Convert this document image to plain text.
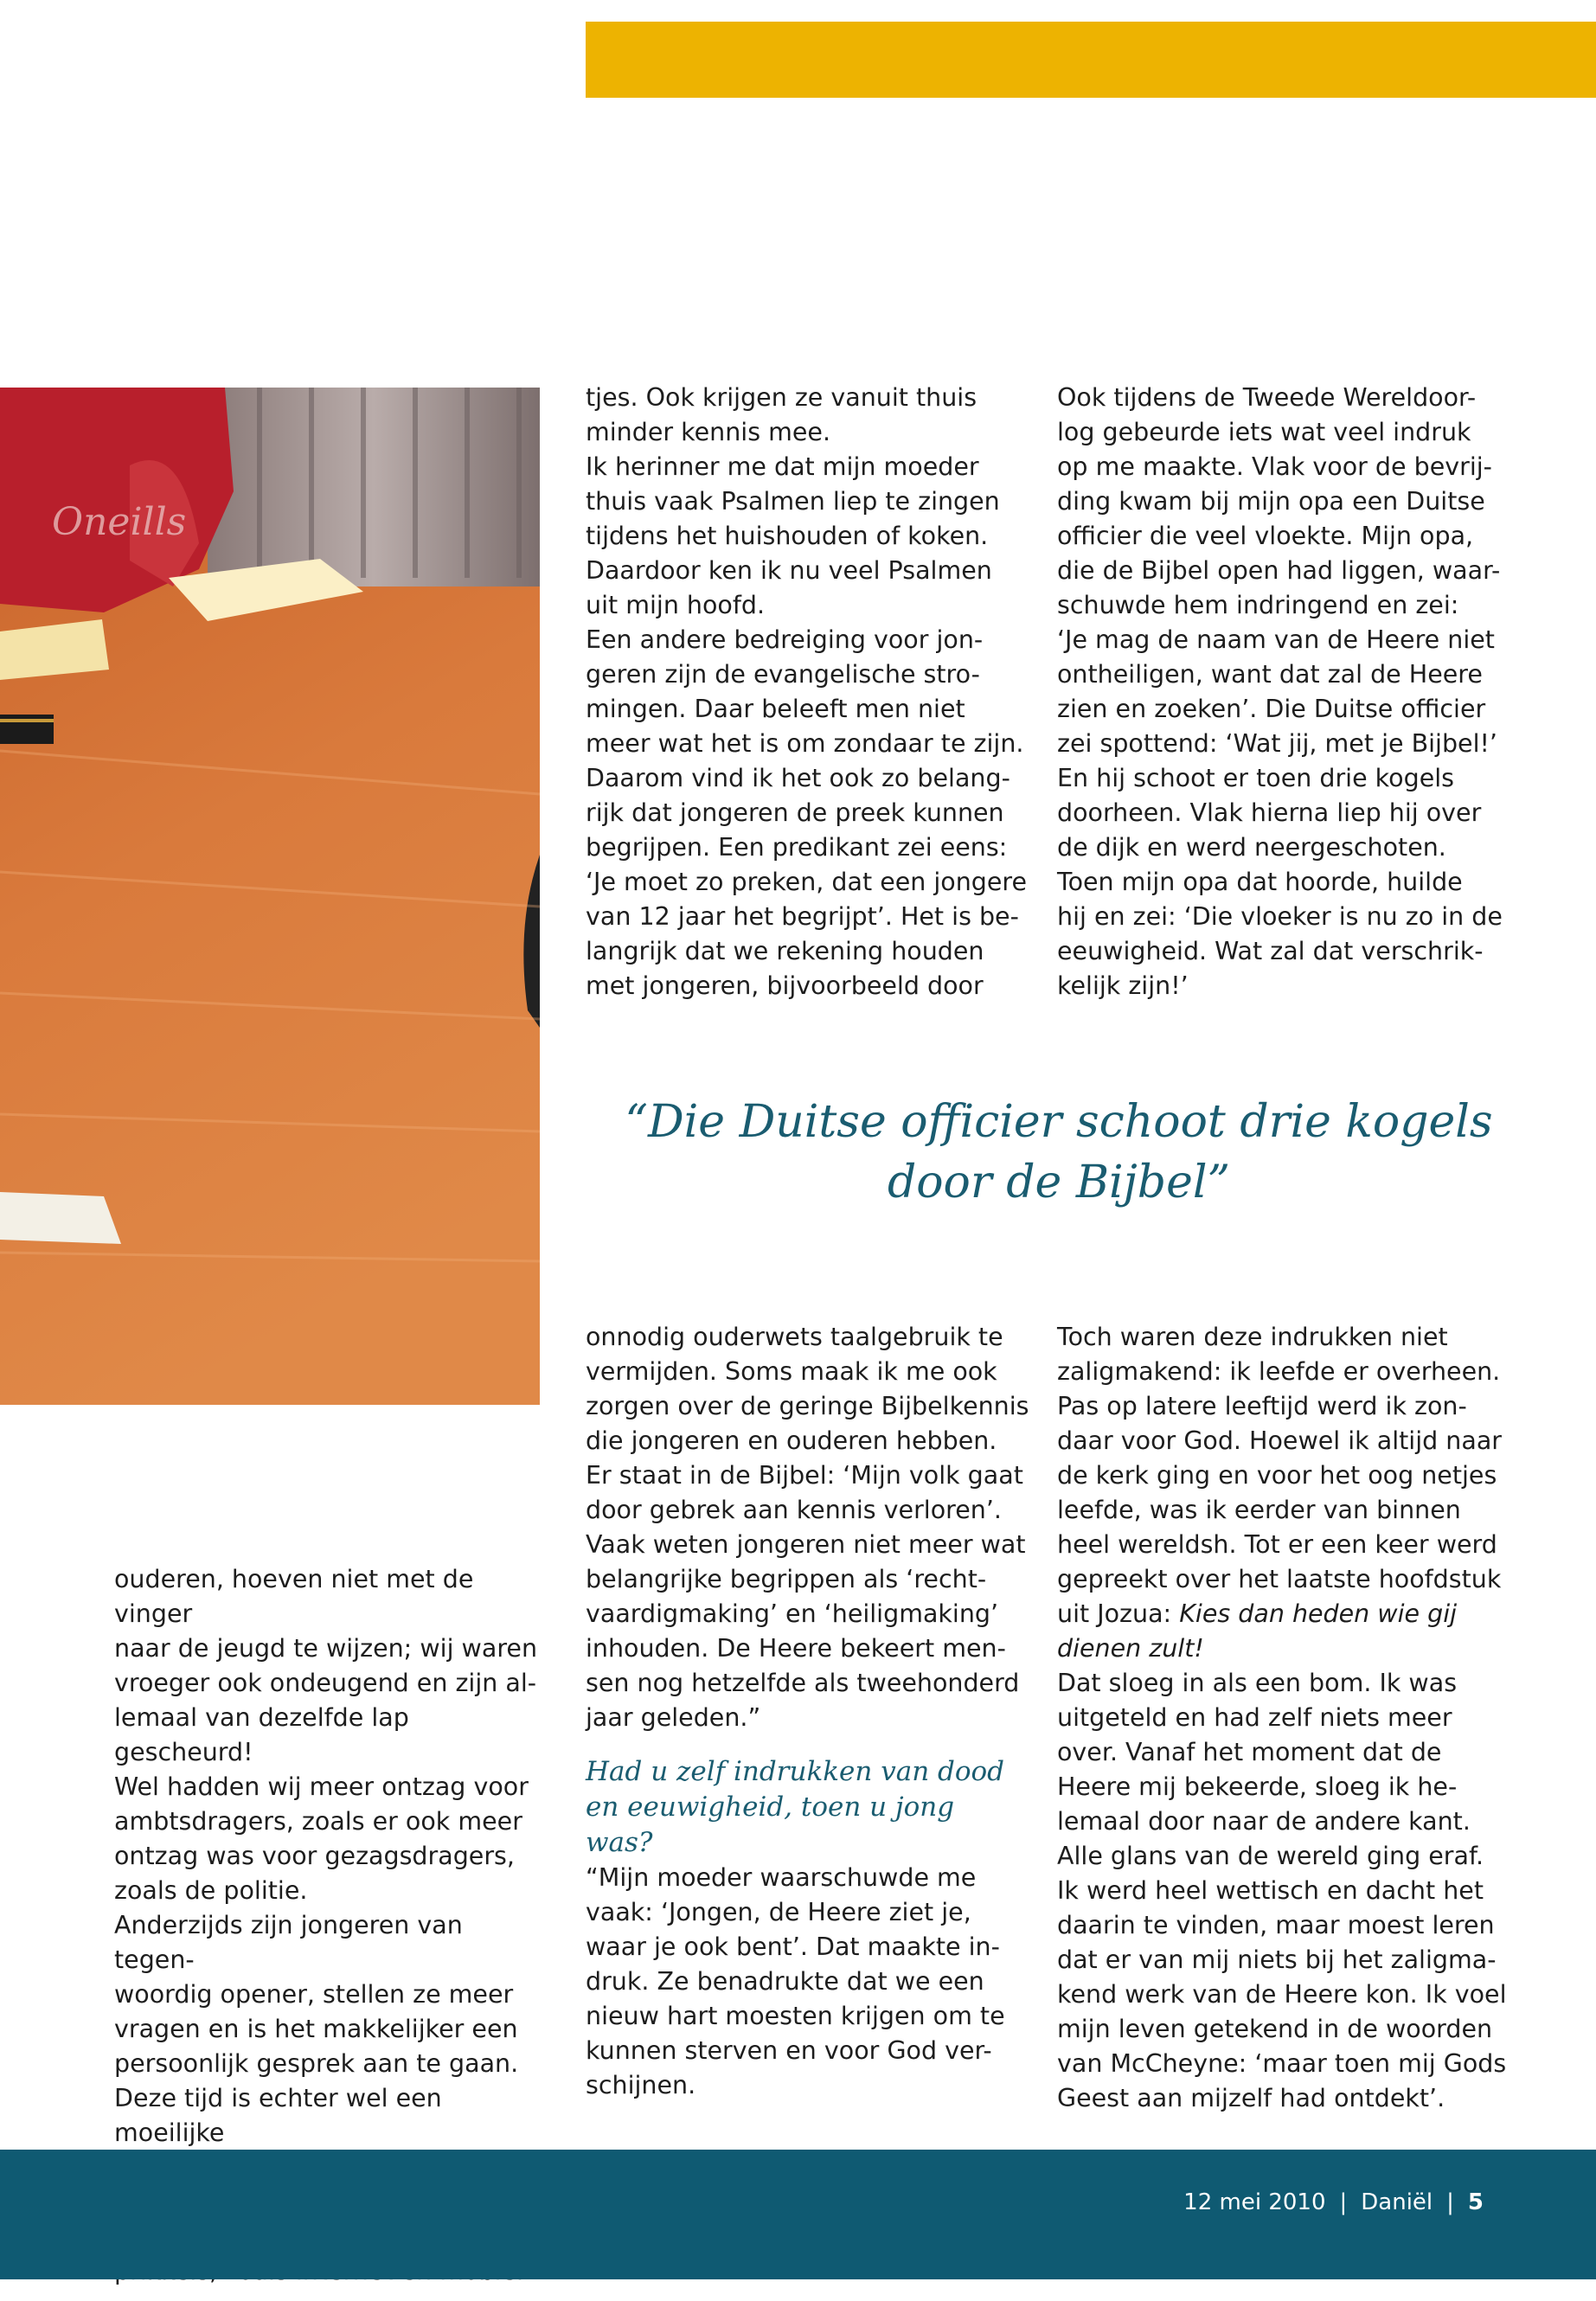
Oneills

tjes. Ook krijgen ze vanuit thuis

minder kennis mee.

Ik herinner me dat mijn moeder

thuis vaak Psalmen liep te zingen

tijdens het huishouden of koken.

Daardoor ken ik nu veel Psalmen

uit mijn hoofd.

Een andere bedreiging voor jon-

geren zijn de evangelische stro-

mingen. Daar beleeft men niet

meer wat het is om zondaar te zijn.

Daarom vind ik het ook zo belang-

rijk dat jongeren de preek kunnen

begrijpen. Een predikant zei eens:

‘Je moet zo preken, dat een jongere

van 12 jaar het begrijpt’. Het is be-

langrijk dat we rekening houden

met jongeren, bijvoorbeeld door

Ook tijdens de Tweede Wereldoor-

log gebeurde iets wat veel indruk

op me maakte. Vlak voor de bevrij-

ding kwam bij mijn opa een Duitse

officier die veel vloekte. Mijn opa,

die de Bijbel open had liggen, waar-

schuwde hem indringend en zei:

‘Je mag de naam van de Heere niet

ontheiligen, want dat zal de Heere

zien en zoeken’. Die Duitse officier

zei spottend: ‘Wat jij, met je Bijbel!’

En hij schoot er toen drie kogels

doorheen. Vlak hierna liep hij over

de dijk en werd neergeschoten.

Toen mijn opa dat hoorde, huilde

hij en zei: ‘Die vloeker is nu zo in de

eeuwigheid. Wat zal dat verschrik-

kelijk zijn!’

“Die Duitse officier schoot drie kogels
door de Bijbel”

ouderen, hoeven niet met de vinger

naar de jeugd te wijzen; wij waren

vroeger ook ondeugend en zijn al-

lemaal van dezelfde lap gescheurd!

Wel hadden wij meer ontzag voor

ambtsdragers, zoals er ook meer

ontzag was voor gezagsdragers,

zoals de politie.

Anderzijds zijn jongeren van tegen-

woordig opener, stellen ze meer

vragen en is het makkelijker een

persoonlijk gesprek aan te gaan.

Deze tijd is echter wel een moeilijke

onnodig ouderwets taalgebruik te

vermijden. Soms maak ik me ook

zorgen over de geringe Bijbelkennis

die jongeren en ouderen hebben.

Er staat in de Bijbel: ‘Mijn volk gaat

door gebrek aan kennis verloren’.

Vaak weten jongeren niet meer wat

belangrijke begrippen als ‘recht-

vaardigmaking’ en ‘heiligmaking’

inhouden. De Heere bekeert men-

sen nog hetzelfde als tweehonderd

jaar geleden.”

Had u zelf indrukken van dood
en eeuwigheid, toen u jong
was?

“Mijn moeder waarschuwde me

vaak: ‘Jongen, de Heere ziet je,

waar je ook bent’. Dat maakte in-

druk. Ze benadrukte dat we een

nieuw hart moesten krijgen om te

kunnen sterven en voor God ver-

schijnen.

Toch waren deze indrukken niet

zaligmakend: ik leefde er overheen.

Pas op latere leeftijd werd ik zon-

daar voor God. Hoewel ik altijd naar

de kerk ging en voor het oog netjes

leefde, was ik eerder van binnen

heel wereldsh. Tot er een keer werd

gepreekt over het laatste hoofdstuk

uit Jozua: Kies dan heden wie gij

dienen zult!

Dat sloeg in als een bom. Ik was

uitgeteld en had zelf niets meer

over. Vanaf het moment dat de

Heere mij bekeerde, sloeg ik he-

lemaal door naar de andere kant.

Alle glans van de wereld ging eraf.

Ik werd heel wettisch en dacht het

daarin te vinden, maar moest leren

dat er van mij niets bij het zaligma-

kend werk van de Heere kon. Ik voel

mijn leven getekend in de woorden

van McCheyne: ‘maar toen mij Gods

Geest aan mijzelf had ontdekt’.

12 mei 2010 | Daniël | 5
